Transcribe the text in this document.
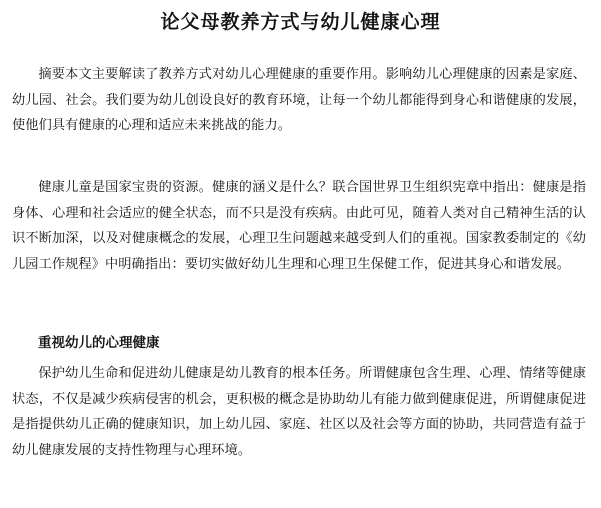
论父母教养方式与幼儿健康心理

摘要本文主要解读了教养方式对幼儿心理健康的重要作用。影响幼儿心理健康的因素是家庭、幼儿园、社会。我们要为幼儿创设良好的教育环境，让每一个幼儿都能得到身心和谐健康的发展，使他们具有健康的心理和适应未来挑战的能力。

健康儿童是国家宝贵的资源。健康的涵义是什么？联合国世界卫生组织宪章中指出：健康是指身体、心理和社会适应的健全状态，而不只是没有疾病。由此可见，随着人类对自己精神生活的认识不断加深，以及对健康概念的发展，心理卫生问题越来越受到人们的重视。国家教委制定的《幼儿园工作规程》中明确指出：要切实做好幼儿生理和心理卫生保健工作，促进其身心和谐发展。

重视幼儿的心理健康

保护幼儿生命和促进幼儿健康是幼儿教育的根本任务。所谓健康包含生理、心理、情绪等健康状态，不仅是减少疾病侵害的机会，更积极的概念是协助幼儿有能力做到健康促进，所谓健康促进是指提供幼儿正确的健康知识，加上幼儿园、家庭、社区以及社会等方面的协助，共同营造有益于幼儿健康发展的支持性物理与心理环境。
